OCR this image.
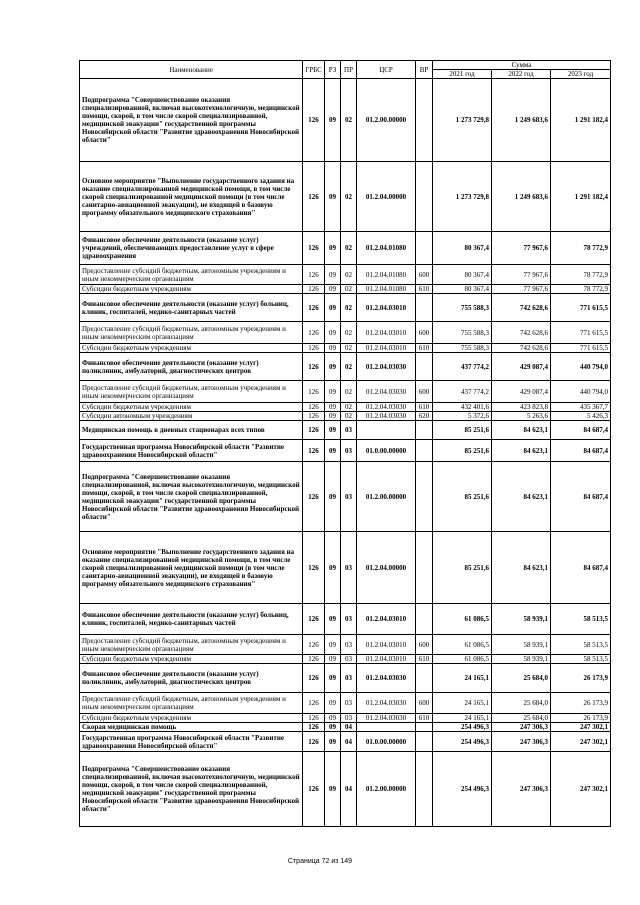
Наименование	ГРБС	РЗ	ПР	ЦСР	ВР	Сумма		
						2021 год	2022 год	2023 год
Подпрограмма "Совершенствование оказания специализированной, включая высокотехнологичную, медицинской помощи, скорой, в том числе скорой специализированной, медицинской эвакуации" государственной программы Новосибирской области "Развитие здравоохранения Новосибирской области"	126	09	02	01.2.00.00000		1 273 729,8	1 249 683,6	1 291 182,4
Основное мероприятие "Выполнение государственного задания на оказание специализированной медицинской помощи, в том числе скорой специализированной медицинской помощи (в том числе санитарно-авиационной эвакуации), не входящей в базовую программу обязательного медицинского страхования"	126	09	02	01.2.04.00000		1 273 729,8	1 249 683,6	1 291 182,4
Финансовое обеспечение деятельности (оказание услуг) учреждений, обеспечивающих предоставление услуг в сфере здравоохранения	126	09	02	01.2.04.01080		80 367,4	77 967,6	78 772,9
Предоставление субсидий бюджетным, автономным учреждениям и иным некоммерческим организациям	126	09	02	01.2.04.01080	600	80 367,4	77 967,6	78 772,9
Субсидии бюджетным учреждениям	126	09	02	01.2.04.01080	610	80 367,4	77 967,6	78 772,9
Финансовое обеспечение деятельности (оказание услуг) больниц, клиник, госпиталей, медико-санитарных частей	126	09	02	01.2.04.03010		755 588,3	742 628,6	771 615,5
Предоставление субсидий бюджетным, автономным учреждениям и иным некоммерческим организациям	126	09	02	01.2.04.03010	600	755 588,3	742 628,6	771 615,5
Субсидии бюджетным учреждениям	126	09	02	01.2.04.03010	610	755 588,3	742 628,6	771 615,5
Финансовое обеспечение деятельности (оказание услуг) поликлиник, амбулаторий, диагностических центров	126	09	02	01.2.04.03030		437 774,2	429 087,4	440 794,0
Предоставление субсидий бюджетным, автономным учреждениям и иным некоммерческим организациям	126	09	02	01.2.04.03030	600	437 774,2	429 087,4	440 794,0
Субсидии бюджетным учреждениям	126	09	02	01.2.04.03030	610	432 401,6	423 823,8	435 367,7
Субсидии автономным учреждениям	126	09	02	01.2.04.03030	620	5 372,6	5 263,6	5 426,3
Медицинская помощь в дневных стационарах всех типов	126	09	03			85 251,6	84 623,1	84 687,4
Государственная программа Новосибирской области "Развитие здравоохранения Новосибирской области"	126	09	03	01.0.00.00000		85 251,6	84 623,1	84 687,4
Подпрограмма "Совершенствование оказания специализированной, включая высокотехнологичную, медицинской помощи, скорой, в том числе скорой специализированной, медицинской эвакуации" государственной программы Новосибирской области "Развитие здравоохранения Новосибирской области"	126	09	03	01.2.00.00000		85 251,6	84 623,1	84 687,4
Основное мероприятие "Выполнение государственного задания на оказание специализированной медицинской помощи, в том числе скорой специализированной медицинской помощи (в том числе санитарно-авиационной эвакуации), не входящей в базовую программу обязательного медицинского страхования"	126	09	03	01.2.04.00000		85 251,6	84 623,1	84 687,4
Финансовое обеспечение деятельности (оказание услуг) больниц, клиник, госпиталей, медико-санитарных частей	126	09	03	01.2.04.03010		61 086,5	58 939,1	58 513,5
Предоставление субсидий бюджетным, автономным учреждениям и иным некоммерческим организациям	126	09	03	01.2.04.03010	600	61 086,5	58 939,1	58 513,5
Субсидии бюджетным учреждениям	126	09	03	01.2.04.03010	610	61 086,5	58 939,1	58 513,5
Финансовое обеспечение деятельности (оказание услуг) поликлиник, амбулаторий, диагностических центров	126	09	03	01.2.04.03030		24 165,1	25 684,0	26 173,9
Предоставление субсидий бюджетным, автономным учреждениям и иным некоммерческим организациям	126	09	03	01.2.04.03030	600	24 165,1	25 684,0	26 173,9
Субсидии бюджетным учреждениям	126	09	03	01.2.04.03030	610	24 165,1	25 684,0	26 173,9
Скорая медицинская помощь	126	09	04			254 496,3	247 306,3	247 302,1
Государственная программа Новосибирской области "Развитие здравоохранения Новосибирской области"	126	09	04	01.0.00.00000		254 496,3	247 306,3	247 302,1
Подпрограмма "Совершенствование оказания специализированной, включая высокотехнологичную, медицинской помощи, скорой, в том числе скорой специализированной, медицинской эвакуации" государственной программы Новосибирской области "Развитие здравоохранения Новосибирской области"	126	09	04	01.2.00.00000		254 496,3	247 306,3	247 302,1
Страница 72 из 149
